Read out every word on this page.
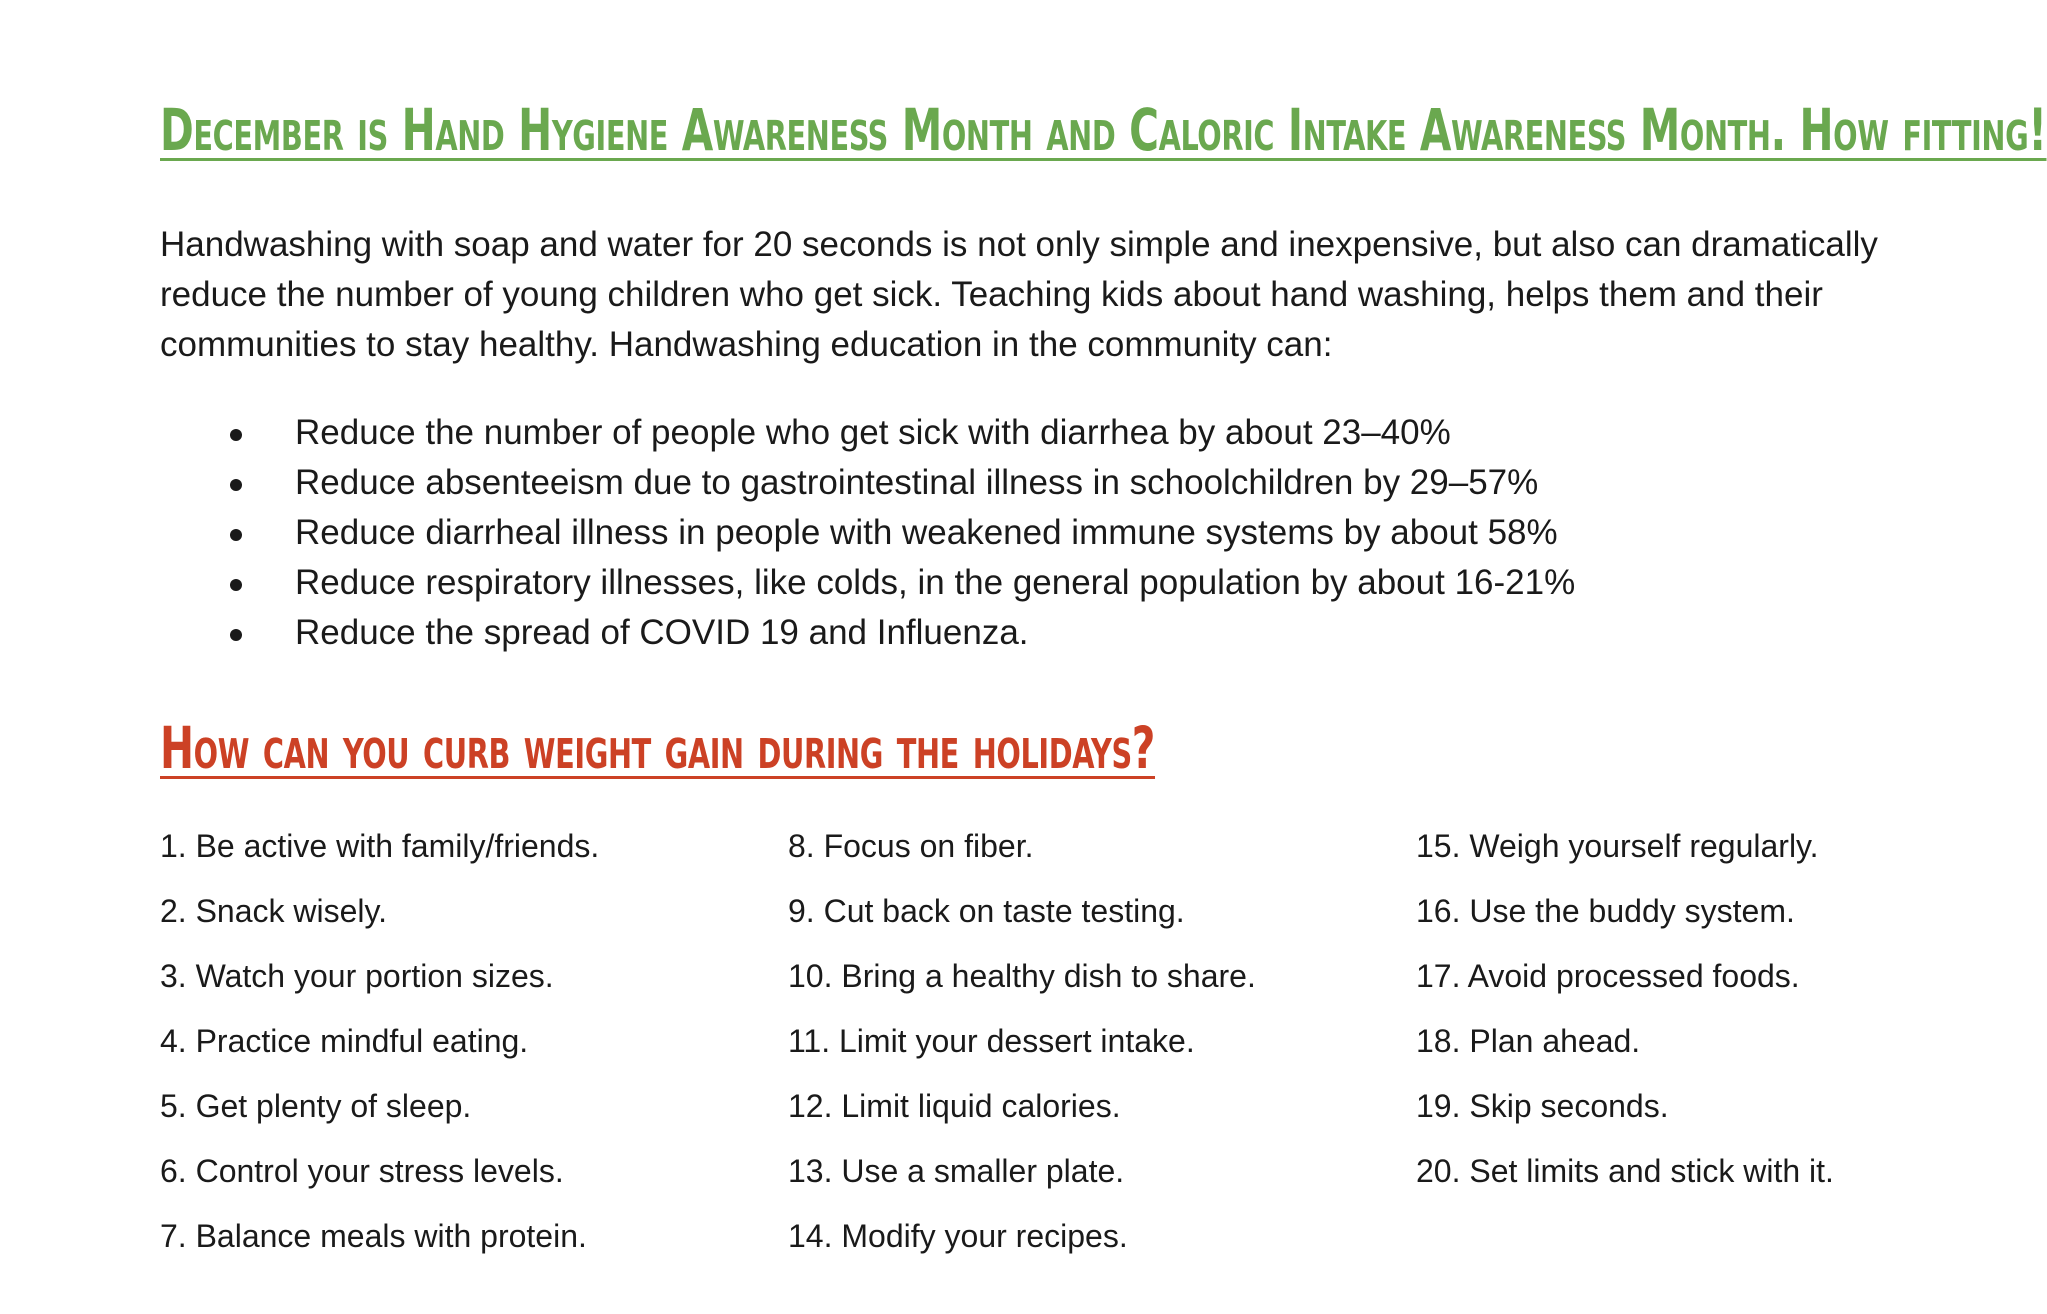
December is Hand Hygiene Awareness Month and Caloric Intake Awareness Month. How fitting!

Handwashing with soap and water for 20 seconds is not only simple and inexpensive, but also can dramatically reduce the number of young children who get sick. Teaching kids about hand washing, helps them and their communities to stay healthy. Handwashing education in the community can:

Reduce the number of people who get sick with diarrhea by about 23–40%
Reduce absenteeism due to gastrointestinal illness in schoolchildren by 29–57%
Reduce diarrheal illness in people with weakened immune systems by about 58%
Reduce respiratory illnesses, like colds, in the general population by about 16-21%
Reduce the spread of COVID 19 and Influenza.
How can you curb weight gain during the holidays?
1. Be active with family/friends.
2. Snack wisely.
3. Watch your portion sizes.
4. Practice mindful eating.
5. Get plenty of sleep.
6. Control your stress levels.
7. Balance meals with protein.
8. Focus on fiber.
9. Cut back on taste testing.
10. Bring a healthy dish to share.
11. Limit your dessert intake.
12. Limit liquid calories.
13. Use a smaller plate.
14. Modify your recipes.
15. Weigh yourself regularly.
16. Use the buddy system.
17. Avoid processed foods.
18. Plan ahead.
19. Skip seconds.
20. Set limits and stick with it.
